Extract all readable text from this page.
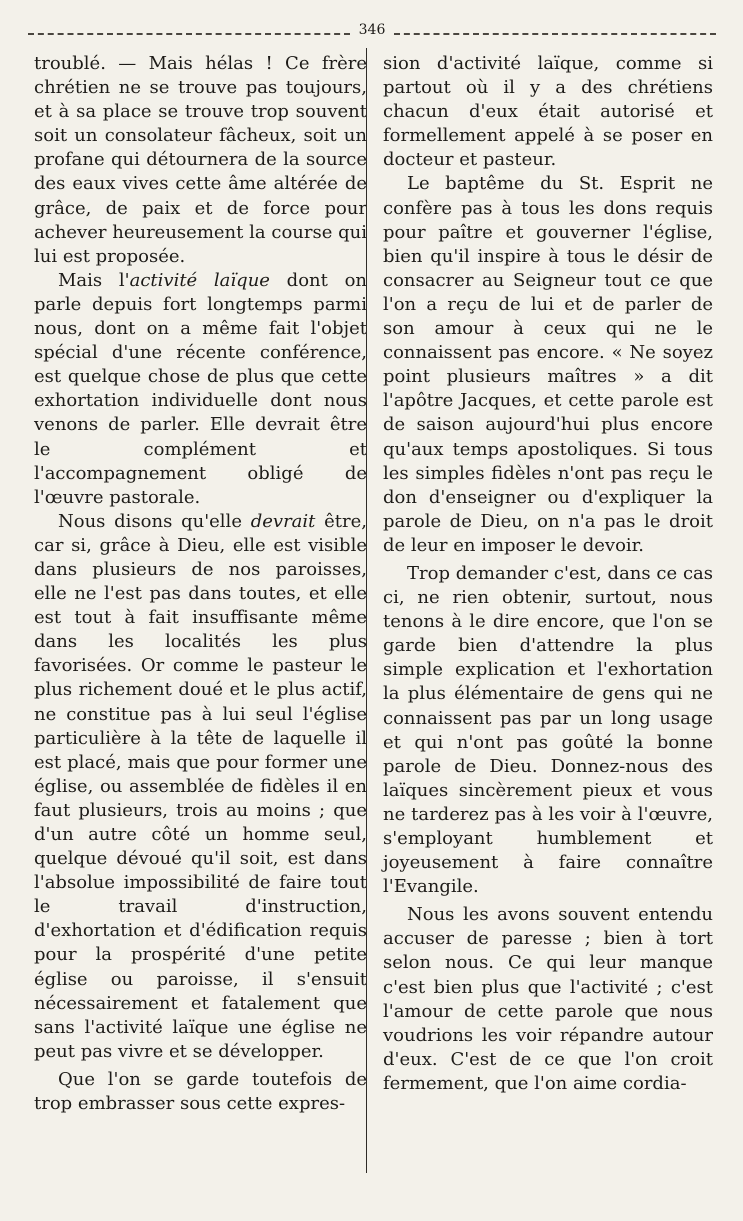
346

troublé. — Mais hélas ! Ce frère chrétien ne se trouve pas toujours, et à sa place se trouve trop souvent soit un consolateur fâcheux, soit un profane qui détournera de la source des eaux vives cette âme altérée de grâce, de paix et de force pour achever heureusement la course qui lui est proposée.

Mais l'activité laïque dont on parle depuis fort longtemps parmi nous, dont on a même fait l'objet spécial d'une récente conférence, est quelque chose de plus que cette exhortation individuelle dont nous venons de parler. Elle devrait être le complément et l'accompagnement obligé de l'œuvre pastorale.

Nous disons qu'elle devrait être, car si, grâce à Dieu, elle est visible dans plusieurs de nos paroisses, elle ne l'est pas dans toutes, et elle est tout à fait insuffisante même dans les localités les plus favorisées. Or comme le pasteur le plus richement doué et le plus actif, ne constitue pas à lui seul l'église particulière à la tête de laquelle il est placé, mais que pour former une église, ou assemblée de fidèles il en faut plusieurs, trois au moins ; que d'un autre côté un homme seul, quelque dévoué qu'il soit, est dans l'absolue impossibilité de faire tout le travail d'instruction, d'exhortation et d'édification requis pour la prospérité d'une petite église ou paroisse, il s'ensuit nécessairement et fatalement que sans l'activité laïque une église ne peut pas vivre et se développer.

Que l'on se garde toutefois de trop embrasser sous cette expres-

sion d'activité laïque, comme si partout où il y a des chrétiens chacun d'eux était autorisé et formellement appelé à se poser en docteur et pasteur.

Le baptême du St. Esprit ne confère pas à tous les dons requis pour paître et gouverner l'église, bien qu'il inspire à tous le désir de consacrer au Seigneur tout ce que l'on a reçu de lui et de parler de son amour à ceux qui ne le connaissent pas encore. « Ne soyez point plusieurs maîtres » a dit l'apôtre Jacques, et cette parole est de saison aujourd'hui plus encore qu'aux temps apostoliques. Si tous les simples fidèles n'ont pas reçu le don d'enseigner ou d'expliquer la parole de Dieu, on n'a pas le droit de leur en imposer le devoir.

Trop demander c'est, dans ce cas ci, ne rien obtenir, surtout, nous tenons à le dire encore, que l'on se garde bien d'attendre la plus simple explication et l'exhortation la plus élémentaire de gens qui ne connaissent pas par un long usage et qui n'ont pas goûté la bonne parole de Dieu. Donnez-nous des laïques sincèrement pieux et vous ne tarderez pas à les voir à l'œuvre, s'employant humblement et joyeusement à faire connaître l'Evangile.

Nous les avons souvent entendu accuser de paresse ; bien à tort selon nous. Ce qui leur manque c'est bien plus que l'activité ; c'est l'amour de cette parole que nous voudrions les voir répandre autour d'eux. C'est de ce que l'on croit fermement, que l'on aime cordia-
